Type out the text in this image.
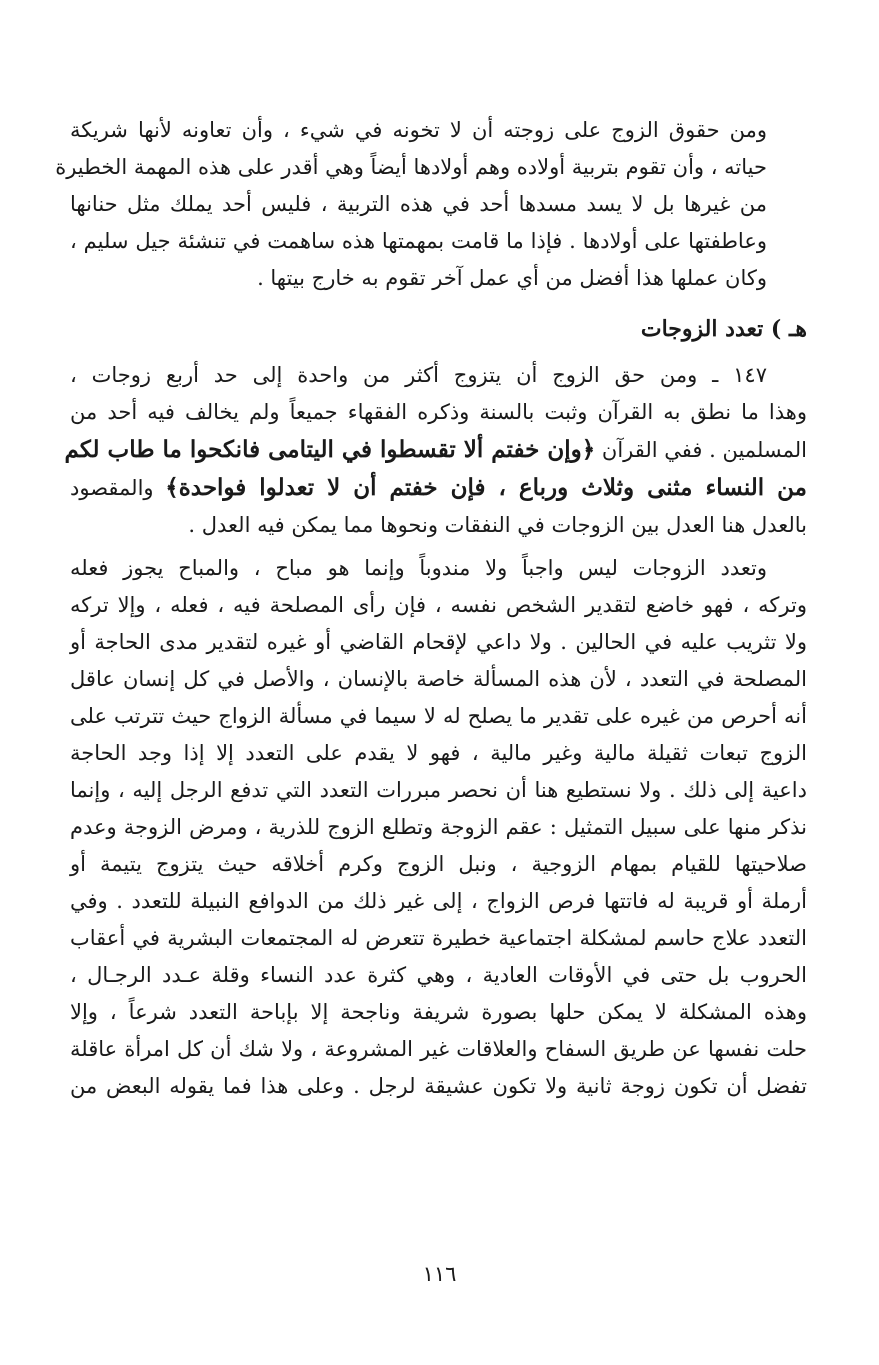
ومن حقوق الزوج على زوجته أن لا تخونه في شيء ، وأن تعاونه لأنها شريكة
حياته ، وأن تقوم بتربية أولاده وهم أولادها أيضاً وهي أقدر على هذه المهمة الخطيرة
من غيرها بل لا يسد مسدها أحد في هذه التربية ، فليس أحد يملك مثل حنانها
وعاطفتها على أولادها . فإذا ما قامت بمهمتها هذه ساهمت في تنشئة جيل سليم ،
وكان عملها هذا أفضل من أي عمل آخر تقوم به خارج بيتها .
هـ ) تعدد الزوجات
١٤٧ ـ ومن حق الزوج أن يتزوج أكثر من واحدة إلى حد أربع زوجات ،
وهذا ما نطق به القرآن وثبت بالسنة وذكره الفقهاء جميعاً ولم يخالف فيه أحد من
المسلمين . ففي القرآن ﴿وإن خفتم ألا تقسطوا في اليتامى فانكحوا ما طاب لكم
من النساء مثنى وثلاث ورباع ، فإن خفتم أن لا تعدلوا فواحدة﴾ والمقصود
بالعدل هنا العدل بين الزوجات في النفقات ونحوها مما يمكن فيه العدل .
وتعدد الزوجات ليس واجباً ولا مندوباً وإنما هو مباح ، والمباح يجوز فعله
وتركه ، فهو خاضع لتقدير الشخص نفسه ، فإن رأى المصلحة فيه ، فعله ، وإلا تركه
ولا تثريب عليه في الحالين . ولا داعي لإقحام القاضي أو غيره لتقدير مدى الحاجة أو
المصلحة في التعدد ، لأن هذه المسألة خاصة بالإنسان ، والأصل في كل إنسان عاقل
أنه أحرص من غيره على تقدير ما يصلح له لا سيما في مسألة الزواج حيث تترتب على
الزوج تبعات ثقيلة مالية وغير مالية ، فهو لا يقدم على التعدد إلا إذا وجد الحاجة
داعية إلى ذلك . ولا نستطيع هنا أن نحصر مبررات التعدد التي تدفع الرجل إليه ، وإنما
نذكر منها على سبيل التمثيل : عقم الزوجة وتطلع الزوج للذرية ، ومرض الزوجة وعدم
صلاحيتها للقيام بمهام الزوجية ، ونبل الزوج وكرم أخلاقه حيث يتزوج يتيمة أو
أرملة أو قريبة له فاتتها فرص الزواج ، إلى غير ذلك من الدوافع النبيلة للتعدد . وفي
التعدد علاج حاسم لمشكلة اجتماعية خطيرة تتعرض له المجتمعات البشرية في أعقاب
الحروب بل حتى في الأوقات العادية ، وهي كثرة عدد النساء وقلة عـدد الرجـال ،
وهذه المشكلة لا يمكن حلها بصورة شريفة وناجحة إلا بإباحة التعدد شرعاً ، وإلا
حلت نفسها عن طريق السفاح والعلاقات غير المشروعة ، ولا شك أن كل امرأة عاقلة
تفضل أن تكون زوجة ثانية ولا تكون عشيقة لرجل . وعلى هذا فما يقوله البعض من
١١٦
